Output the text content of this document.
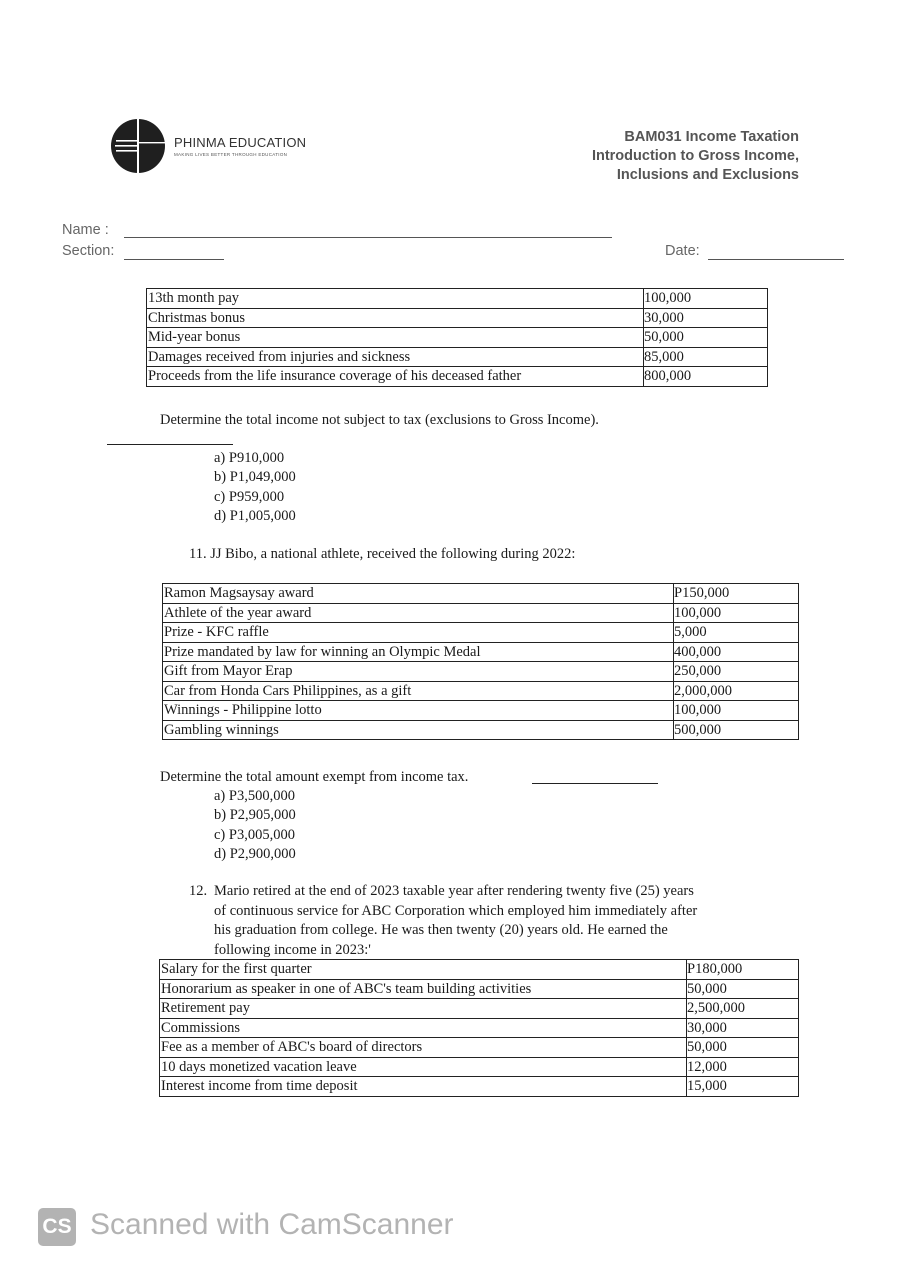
PHINMA EDUCATION
MAKING LIVES BETTER THROUGH EDUCATION
BAM031 Income Taxation
Introduction to Gross Income,
Inclusions and Exclusions
Name :
Section:	Date:
13th month pay	100,000
Christmas bonus	30,000
Mid-year bonus	50,000
Damages received from injuries and sickness	85,000
Proceeds from the life insurance coverage of his deceased father	800,000
Determine the total income not subject to tax (exclusions to Gross Income).
a) P910,000
b) P1,049,000
c) P959,000
d) P1,005,000
11. JJ Bibo, a national athlete, received the following during 2022:
Ramon Magsaysay award	P150,000
Athlete of the year award	100,000
Prize - KFC raffle	5,000
Prize mandated by law for winning an Olympic Medal	400,000
Gift from Mayor Erap	250,000
Car from Honda Cars Philippines, as a gift	2,000,000
Winnings - Philippine lotto	100,000
Gambling winnings	500,000
Determine the total amount exempt from income tax.
a) P3,500,000
b) P2,905,000
c) P3,005,000
d) P2,900,000
12. Mario retired at the end of 2023 taxable year after rendering twenty five (25) years
of continuous service for ABC Corporation which employed him immediately after
his graduation from college. He was then twenty (20) years old. He earned the
following income in 2023:'
Salary for the first quarter	P180,000
Honorarium as speaker in one of ABC's team building activities	50,000
Retirement pay	2,500,000
Commissions	30,000
Fee as a member of ABC's board of directors	50,000
10 days monetized vacation leave	12,000
Interest income from time deposit	15,000
CS Scanned with CamScanner
